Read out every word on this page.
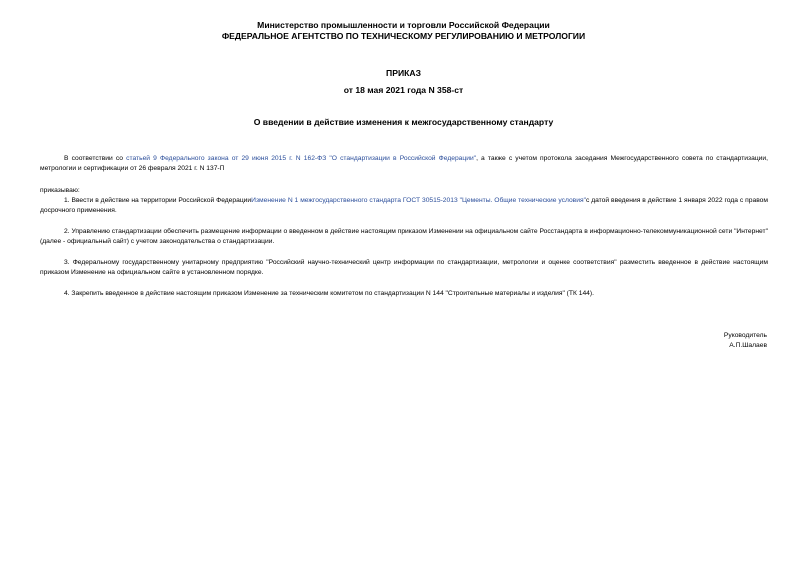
Министерство промышленности и торговли Российской Федерации
ФЕДЕРАЛЬНОЕ АГЕНТСТВО ПО ТЕХНИЧЕСКОМУ РЕГУЛИРОВАНИЮ И МЕТРОЛОГИИ
ПРИКАЗ
от 18 мая 2021 года N 358-ст
О введении в действие изменения к межгосударственному стандарту
В соответствии со статьей 9 Федерального закона от 29 июня 2015 г. N 162-ФЗ "О стандартизации в Российской Федерации", а также с учетом протокола заседания Межгосударственного совета по стандартизации, метрологии и сертификации от 26 февраля 2021 г. N 137-П
приказываю:
1. Ввести в действие на территории Российской ФедерацииИзменение N 1 межгосударственного стандарта ГОСТ 30515-2013 "Цементы. Общие технические условия"с датой введения в действие 1 января 2022 года с правом досрочного применения.
2. Управлению стандартизации обеспечить размещение информации о введенном в действие настоящим приказом Изменении на официальном сайте Росстандарта в информационно-телекоммуникационной сети "Интернет" (далее - официальный сайт) с учетом законодательства о стандартизации.
3. Федеральному государственному унитарному предприятию "Российский научно-технический центр информации по стандартизации, метрологии и оценке соответствия" разместить введенное в действие настоящим приказом Изменение на официальном сайте в установленном порядке.
4. Закрепить введенное в действие настоящим приказом Изменение за техническим комитетом по стандартизации N 144 "Строительные материалы и изделия" (ТК 144).
Руководитель
А.П.Шалаев
